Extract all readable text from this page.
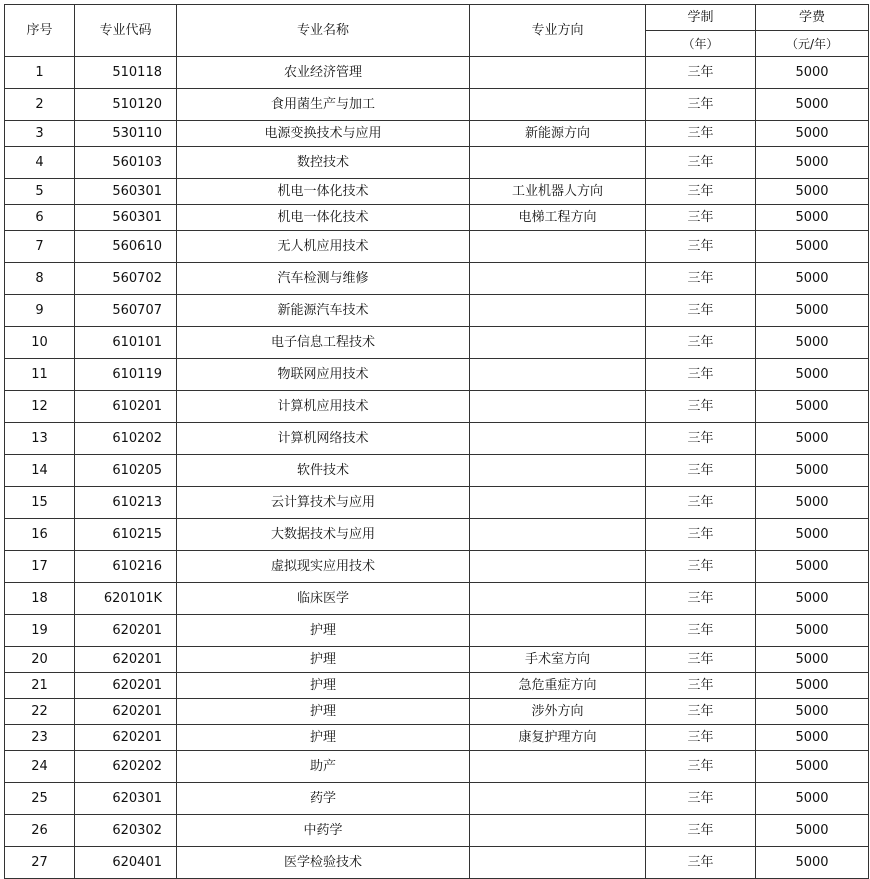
序号	专业代码	专业名称	专业方向	学制	学费
				（年）	（元/年）
1	510118	农业经济管理		三年	5000
2	510120	食用菌生产与加工		三年	5000
3	530110	电源变换技术与应用	新能源方向	三年	5000
4	560103	数控技术		三年	5000
5	560301	机电一体化技术	工业机器人方向	三年	5000
6	560301	机电一体化技术	电梯工程方向	三年	5000
7	560610	无人机应用技术		三年	5000
8	560702	汽车检测与维修		三年	5000
9	560707	新能源汽车技术		三年	5000
10	610101	电子信息工程技术		三年	5000
11	610119	物联网应用技术		三年	5000
12	610201	计算机应用技术		三年	5000
13	610202	计算机网络技术		三年	5000
14	610205	软件技术		三年	5000
15	610213	云计算技术与应用		三年	5000
16	610215	大数据技术与应用		三年	5000
17	610216	虚拟现实应用技术		三年	5000
18	620101K	临床医学		三年	5000
19	620201	护理		三年	5000
20	620201	护理	手术室方向	三年	5000
21	620201	护理	急危重症方向	三年	5000
22	620201	护理	涉外方向	三年	5000
23	620201	护理	康复护理方向	三年	5000
24	620202	助产		三年	5000
25	620301	药学		三年	5000
26	620302	中药学		三年	5000
27	620401	医学检验技术		三年	5000
